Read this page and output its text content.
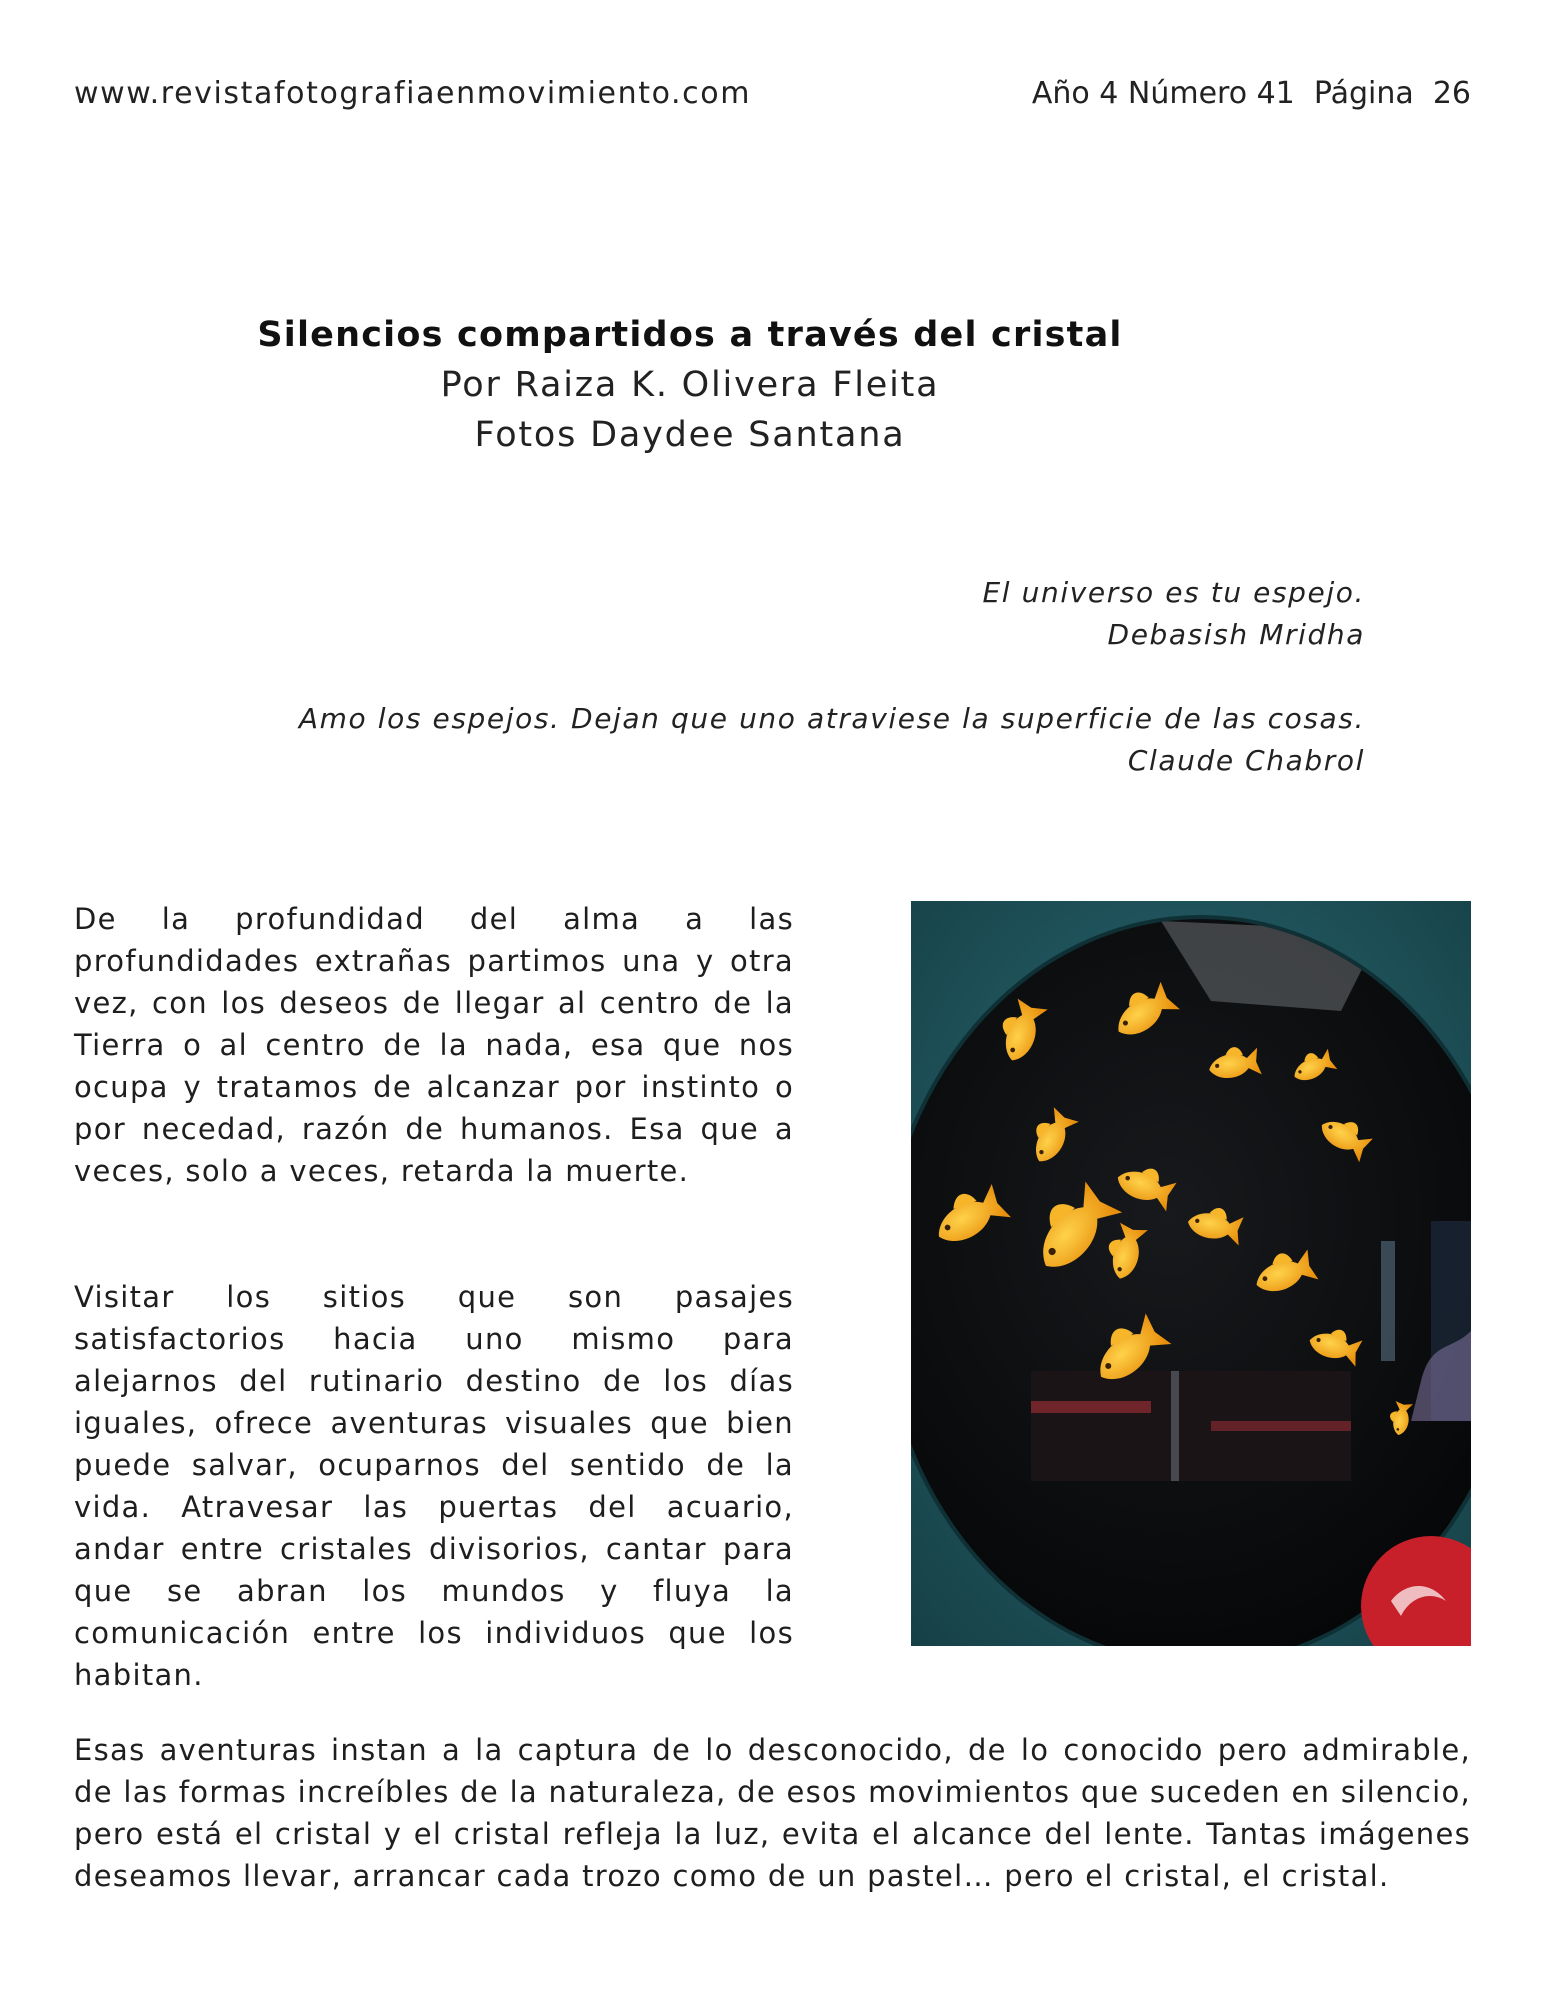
www.revistafotografiaenmovimiento.com	Año 4 Número 41  Página  26
Silencios compartidos a través del cristal
Por Raiza K. Olivera Fleita
Fotos Daydee Santana
El universo es tu espejo.
Debasish Mridha
Amo los espejos. Dejan que uno atraviese la superficie de las cosas.
Claude Chabrol
De la profundidad del alma a las profundidades extrañas partimos una y otra vez, con los deseos de llegar al centro de la Tierra o al centro de la nada, esa que nos ocupa y tratamos de alcanzar por instinto o por necedad, razón de humanos. Esa que a veces, solo a veces, retarda la muerte.
Visitar los sitios que son pasajes satisfactorios hacia uno mismo para alejarnos del rutinario destino de los días iguales, ofrece aventuras visuales que bien puede salvar, ocuparnos del sentido de la vida. Atravesar las puertas del acuario, andar entre cristales divisorios, cantar para que se abran los mundos y fluya la comunicación entre los individuos que los habitan.
Esas aventuras instan a la captura de lo desconocido, de lo conocido pero admirable, de las formas increíbles de la naturaleza, de esos movimientos que suceden en silencio, pero está el cristal y el cristal refleja la luz, evita el alcance del lente. Tantas imágenes deseamos llevar, arrancar cada trozo como de un pastel… pero el cristal, el cristal.
